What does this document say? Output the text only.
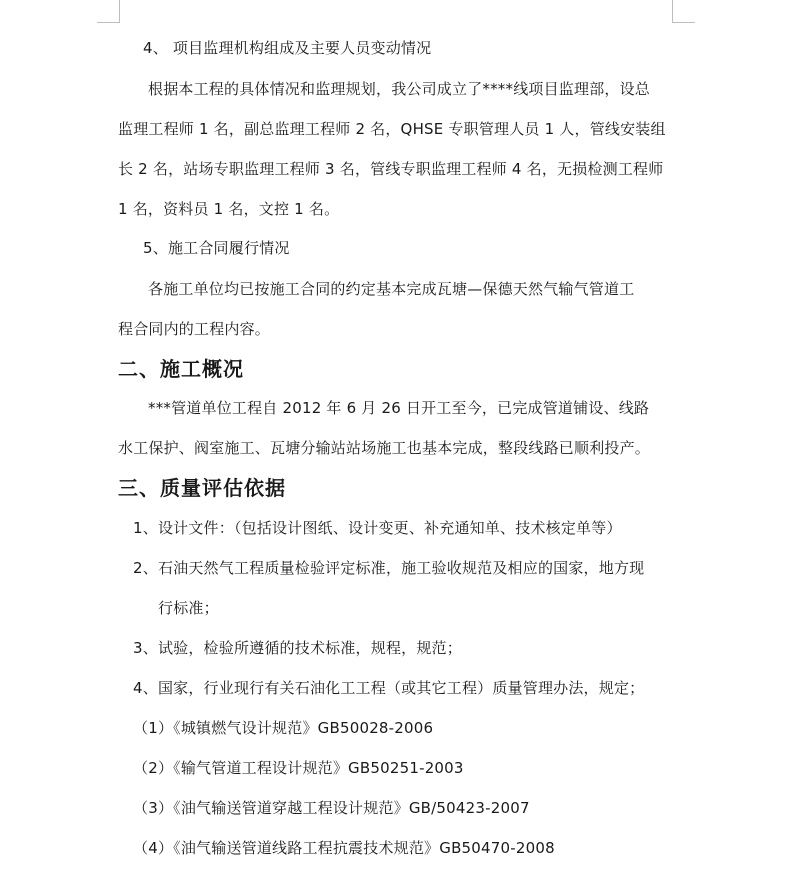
4、 项目监理机构组成及主要人员变动情况
根据本工程的具体情况和监理规划，我公司成立了****线项目监理部，设总
监理工程师 1 名，副总监理工程师 2 名，QHSE 专职管理人员 1 人，管线安装组
长 2 名，站场专职监理工程师 3 名，管线专职监理工程师 4 名，无损检测工程师
1 名，资料员 1 名，文控 1 名。
5、施工合同履行情况
各施工单位均已按施工合同的约定基本完成瓦塘—保德天然气输气管道工
程合同内的工程内容。
二、施工概况
***管道单位工程自 2012 年 6 月 26 日开工至今，已完成管道铺设、线路
水工保护、阀室施工、瓦塘分输站站场施工也基本完成，整段线路已顺利投产。
三、质量评估依据
1、设计文件：（包括设计图纸、设计变更、补充通知单、技术核定单等）
2、石油天然气工程质量检验评定标准，施工验收规范及相应的国家，地方现
行标准；
3、试验，检验所遵循的技术标准，规程，规范；
4、国家，行业现行有关石油化工工程（或其它工程）质量管理办法，规定；
（1）《城镇燃气设计规范》GB50028-2006
（2）《输气管道工程设计规范》GB50251-2003
（3）《油气输送管道穿越工程设计规范》GB/50423-2007
（4）《油气输送管道线路工程抗震技术规范》GB50470-2008
